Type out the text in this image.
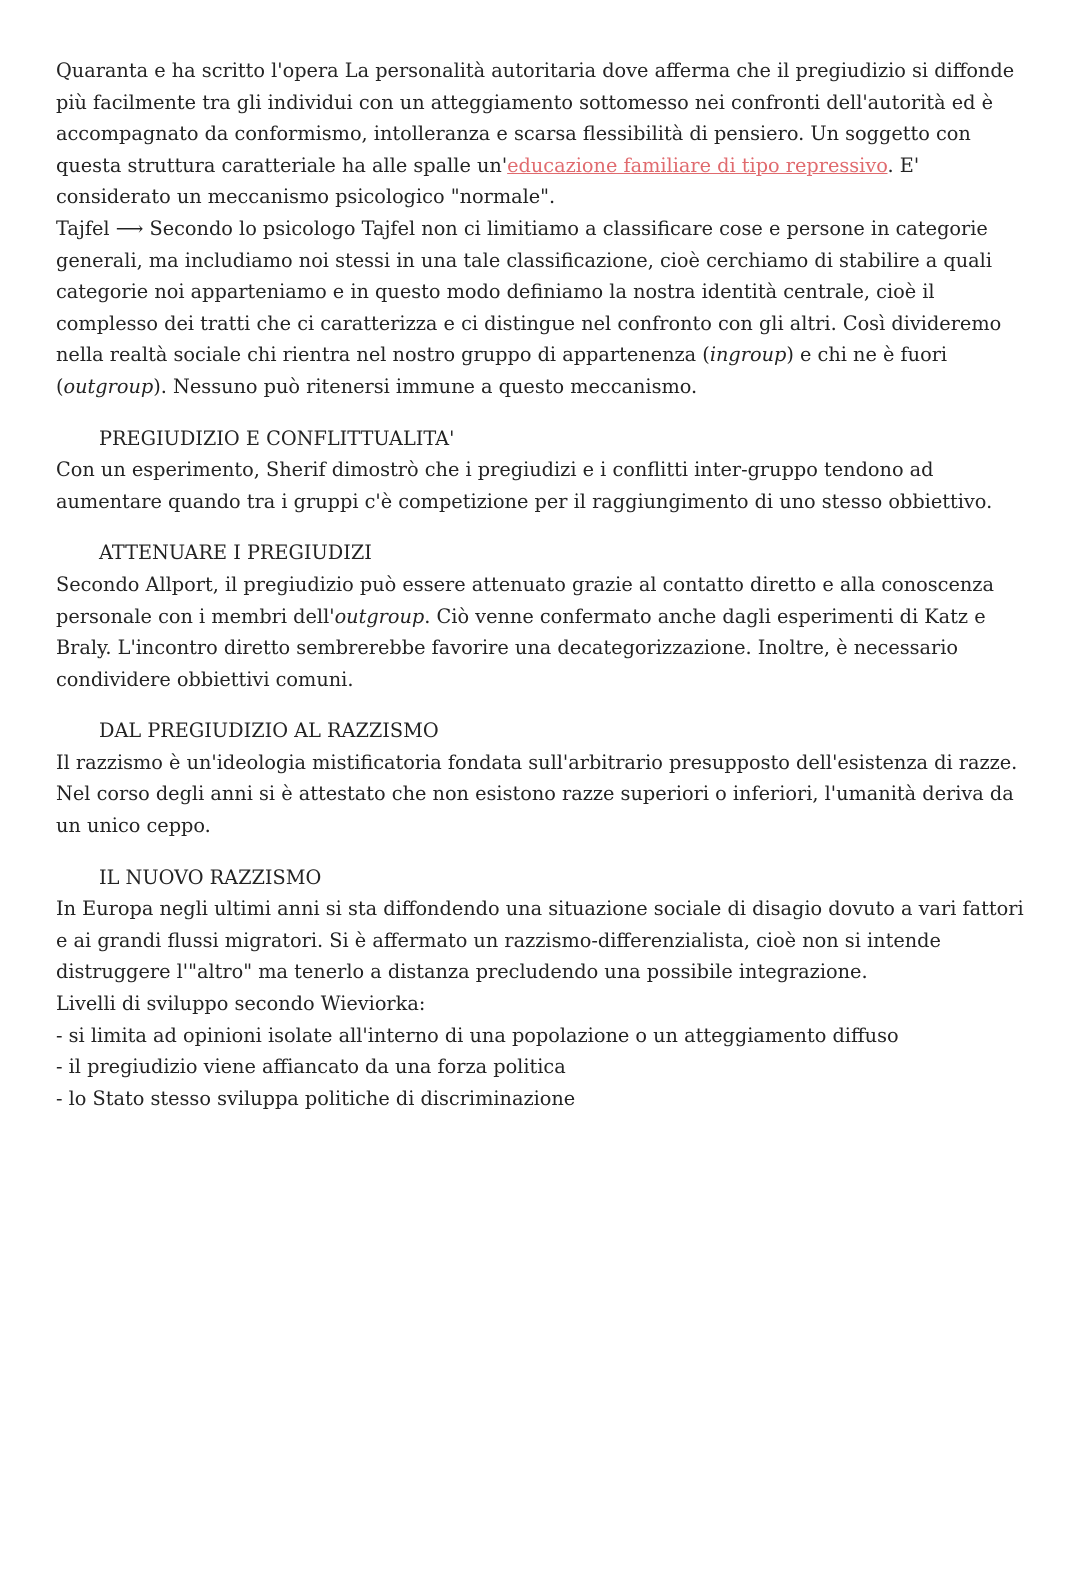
Quaranta e ha scritto l'opera La personalità autoritaria dove afferma che il pregiudizio si diffonde più facilmente tra gli individui con un atteggiamento sottomesso nei confronti dell'autorità ed è accompagnato da conformismo, intolleranza e scarsa flessibilità di pensiero. Un soggetto con questa struttura caratteriale ha alle spalle un'educazione familiare di tipo repressivo. E' considerato un meccanismo psicologico "normale".

Tajfel ⟶ Secondo lo psicologo Tajfel non ci limitiamo a classificare cose e persone in categorie generali, ma includiamo noi stessi in una tale classificazione, cioè cerchiamo di stabilire a quali categorie noi apparteniamo e in questo modo definiamo la nostra identità centrale, cioè il complesso dei tratti che ci caratterizza e ci distingue nel confronto con gli altri. Così divideremo nella realtà sociale chi rientra nel nostro gruppo di appartenenza (ingroup) e chi ne è fuori (outgroup). Nessuno può ritenersi immune a questo meccanismo.

PREGIUDIZIO E CONFLITTUALITA'

Con un esperimento, Sherif dimostrò che i pregiudizi e i conflitti inter-gruppo tendono ad aumentare quando tra i gruppi c'è competizione per il raggiungimento di uno stesso obbiettivo.

ATTENUARE I PREGIUDIZI

Secondo Allport, il pregiudizio può essere attenuato grazie al contatto diretto e alla conoscenza personale con i membri dell'outgroup. Ciò venne confermato anche dagli esperimenti di Katz e Braly. L'incontro diretto sembrerebbe favorire una decategorizzazione. Inoltre, è necessario condividere obbiettivi comuni.

DAL PREGIUDIZIO AL RAZZISMO

Il razzismo è un'ideologia mistificatoria fondata sull'arbitrario presupposto dell'esistenza di razze. Nel corso degli anni si è attestato che non esistono razze superiori o inferiori, l'umanità deriva da un unico ceppo.

IL NUOVO RAZZISMO

In Europa negli ultimi anni si sta diffondendo una situazione sociale di disagio dovuto a vari fattori e ai grandi flussi migratori. Si è affermato un razzismo-differenzialista, cioè non si intende distruggere l'"altro" ma tenerlo a distanza precludendo una possibile integrazione.

Livelli di sviluppo secondo Wieviorka:

- si limita ad opinioni isolate all'interno di una popolazione o un atteggiamento diffuso
- il pregiudizio viene affiancato da una forza politica
- lo Stato stesso sviluppa politiche di discriminazione
